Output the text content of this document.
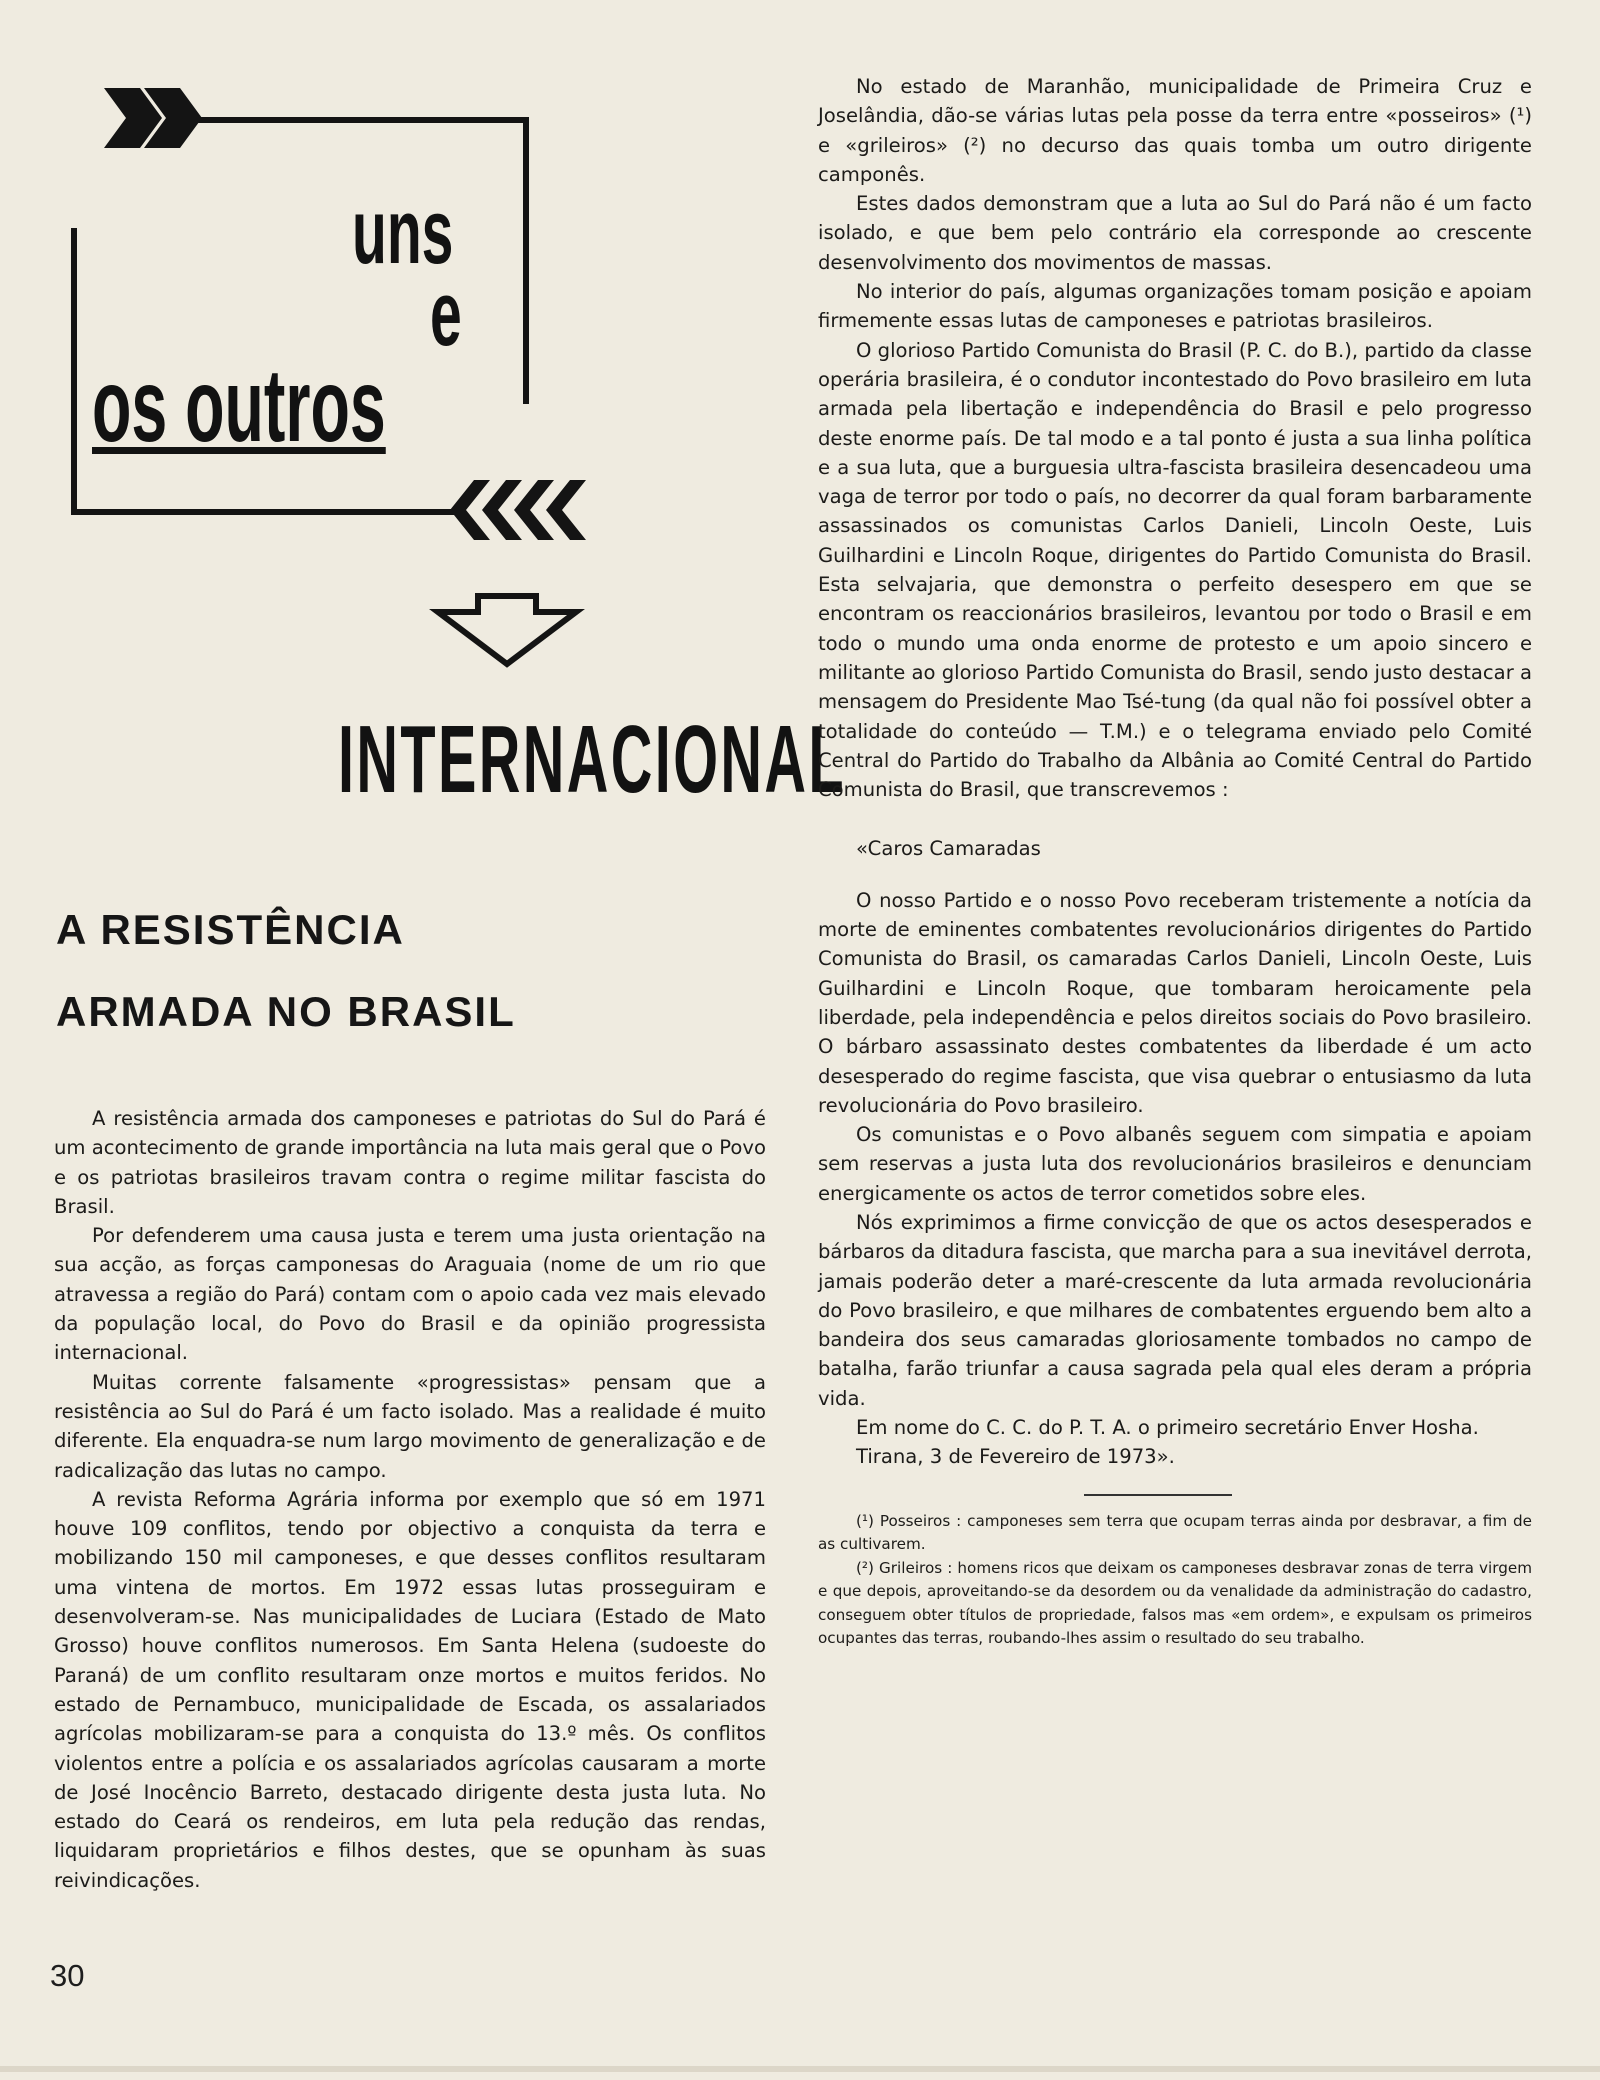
uns
e
os outros
INTERNACIONAL
A RESISTÊNCIA
ARMADA NO BRASIL

A resistência armada dos camponeses e patriotas do Sul do Pará é um acontecimento de grande importância na luta mais geral que o Povo e os patriotas brasileiros travam contra o regime militar fascista do Brasil.

Por defenderem uma causa justa e terem uma justa orientação na sua acção, as forças camponesas do Araguaia (nome de um rio que atravessa a região do Pará) contam com o apoio cada vez mais elevado da população local, do Povo do Brasil e da opinião progressista internacional.

Muitas corrente falsamente «progressistas» pensam que a resistência ao Sul do Pará é um facto isolado. Mas a realidade é muito diferente. Ela enquadra-se num largo movimento de generalização e de radicalização das lutas no campo.

A revista Reforma Agrária informa por exemplo que só em 1971 houve 109 conflitos, tendo por objectivo a conquista da terra e mobilizando 150 mil camponeses, e que desses conflitos resultaram uma vintena de mortos. Em 1972 essas lutas prosseguiram e desenvolveram-se. Nas municipalidades de Luciara (Estado de Mato Grosso) houve conflitos numerosos. Em Santa Helena (sudoeste do Paraná) de um conflito resultaram onze mortos e muitos feridos. No estado de Pernambuco, municipalidade de Escada, os assalariados agrícolas mobilizaram-se para a conquista do 13.º mês. Os conflitos violentos entre a polícia e os assalariados agrícolas causaram a morte de José Inocêncio Barreto, destacado dirigente desta justa luta. No estado do Ceará os rendeiros, em luta pela redução das rendas, liquidaram proprietários e filhos destes, que se opunham às suas reivindicações.

No estado de Maranhão, municipalidade de Primeira Cruz e Joselândia, dão-se várias lutas pela posse da terra entre «posseiros» (¹) e «grileiros» (²) no decurso das quais tomba um outro dirigente camponês.

Estes dados demonstram que a luta ao Sul do Pará não é um facto isolado, e que bem pelo contrário ela corresponde ao crescente desenvolvimento dos movimentos de massas.

No interior do país, algumas organizações tomam posição e apoiam firmemente essas lutas de camponeses e patriotas brasileiros.

O glorioso Partido Comunista do Brasil (P. C. do B.), partido da classe operária brasileira, é o condutor incontestado do Povo brasileiro em luta armada pela libertação e independência do Brasil e pelo progresso deste enorme país. De tal modo e a tal ponto é justa a sua linha política e a sua luta, que a burguesia ultra-fascista brasileira desencadeou uma vaga de terror por todo o país, no decorrer da qual foram barbaramente assassinados os comunistas Carlos Danieli, Lincoln Oeste, Luis Guilhardini e Lincoln Roque, dirigentes do Partido Comunista do Brasil. Esta selvajaria, que demonstra o perfeito desespero em que se encontram os reaccionários brasileiros, levantou por todo o Brasil e em todo o mundo uma onda enorme de protesto e um apoio sincero e militante ao glorioso Partido Comunista do Brasil, sendo justo destacar a mensagem do Presidente Mao Tsé-tung (da qual não foi possível obter a totalidade do conteúdo — T.M.) e o telegrama enviado pelo Comité Central do Partido do Trabalho da Albânia ao Comité Central do Partido Comunista do Brasil, que transcrevemos :

«Caros Camaradas

O nosso Partido e o nosso Povo receberam tristemente a notícia da morte de eminentes combatentes revolucionários dirigentes do Partido Comunista do Brasil, os camaradas Carlos Danieli, Lincoln Oeste, Luis Guilhardini e Lincoln Roque, que tombaram heroicamente pela liberdade, pela independência e pelos direitos sociais do Povo brasileiro. O bárbaro assassinato destes combatentes da liberdade é um acto desesperado do regime fascista, que visa quebrar o entusiasmo da luta revolucionária do Povo brasileiro.

Os comunistas e o Povo albanês seguem com simpatia e apoiam sem reservas a justa luta dos revolucionários brasileiros e denunciam energicamente os actos de terror cometidos sobre eles.

Nós exprimimos a firme convicção de que os actos desesperados e bárbaros da ditadura fascista, que marcha para a sua inevitável derrota, jamais poderão deter a maré-crescente da luta armada revolucionária do Povo brasileiro, e que milhares de combatentes erguendo bem alto a bandeira dos seus camaradas gloriosamente tombados no campo de batalha, farão triunfar a causa sagrada pela qual eles deram a própria vida.

Em nome do C. C. do P. T. A. o primeiro secretário Enver Hosha.

Tirana, 3 de Fevereiro de 1973».

(¹) Posseiros : camponeses sem terra que ocupam terras ainda por desbravar, a fim de as cultivarem.

(²) Grileiros : homens ricos que deixam os camponeses desbravar zonas de terra virgem e que depois, aproveitando-se da desordem ou da venalidade da administração do cadastro, conseguem obter títulos de propriedade, falsos mas «em ordem», e expulsam os primeiros ocupantes das terras, roubando-lhes assim o resultado do seu trabalho.

30
